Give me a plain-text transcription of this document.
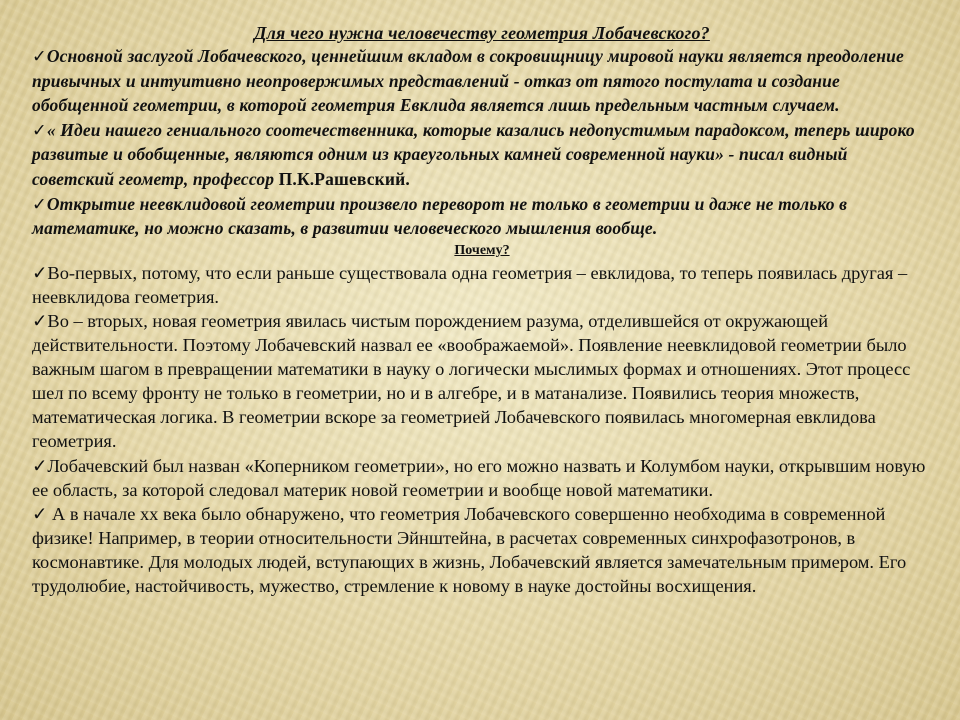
Для чего нужна человечеству геометрия Лобачевского?

✓Основной заслугой Лобачевского, ценнейшим вкладом в сокровищницу мировой науки является преодоление привычных и интуитивно неопровержимых представлений - отказ от пятого постулата и создание обобщенной геометрии, в которой геометрия Евклида является лишь предельным частным случаем.

✓« Идеи нашего гениального соотечественника, которые казались недопустимым парадоксом, теперь широко развитые и обобщенные, являются одним из краеугольных камней современной науки» - писал видный советский геометр, профессор П.К.Рашевский.

✓Открытие неевклидовой геометрии произвело переворот не только в геометрии и даже не только в математике, но можно сказать, в развитии человеческого мышления вообще.

Почему?

✓Во-первых, потому, что если раньше существовала одна геометрия – евклидова, то теперь появилась другая – неевклидова геометрия.

✓Во – вторых, новая геометрия явилась чистым порождением разума, отделившейся от окружающей действительности. Поэтому Лобачевский назвал ее «воображаемой». Появление неевклидовой геометрии было важным шагом в превращении математики в науку о логически мыслимых формах и отношениях. Этот процесс шел по всему фронту не только в геометрии, но и в алгебре, и в матанализе. Появились теория множеств, математическая логика. В геометрии вскоре за геометрией Лобачевского появилась многомерная евклидова геометрия.

✓Лобачевский был назван «Коперником геометрии», но его можно назвать и Колумбом науки, открывшим новую ее область, за которой следовал материк новой геометрии и вообще новой математики.

✓ А в начале хх века было обнаружено, что геометрия Лобачевского совершенно необходима в современной физике! Например, в теории относительности Эйнштейна, в расчетах современных синхрофазотронов, в космонавтике. Для молодых людей, вступающих в жизнь, Лобачевский является замечательным примером. Его трудолюбие, настойчивость, мужество, стремление к новому в науке достойны восхищения.
